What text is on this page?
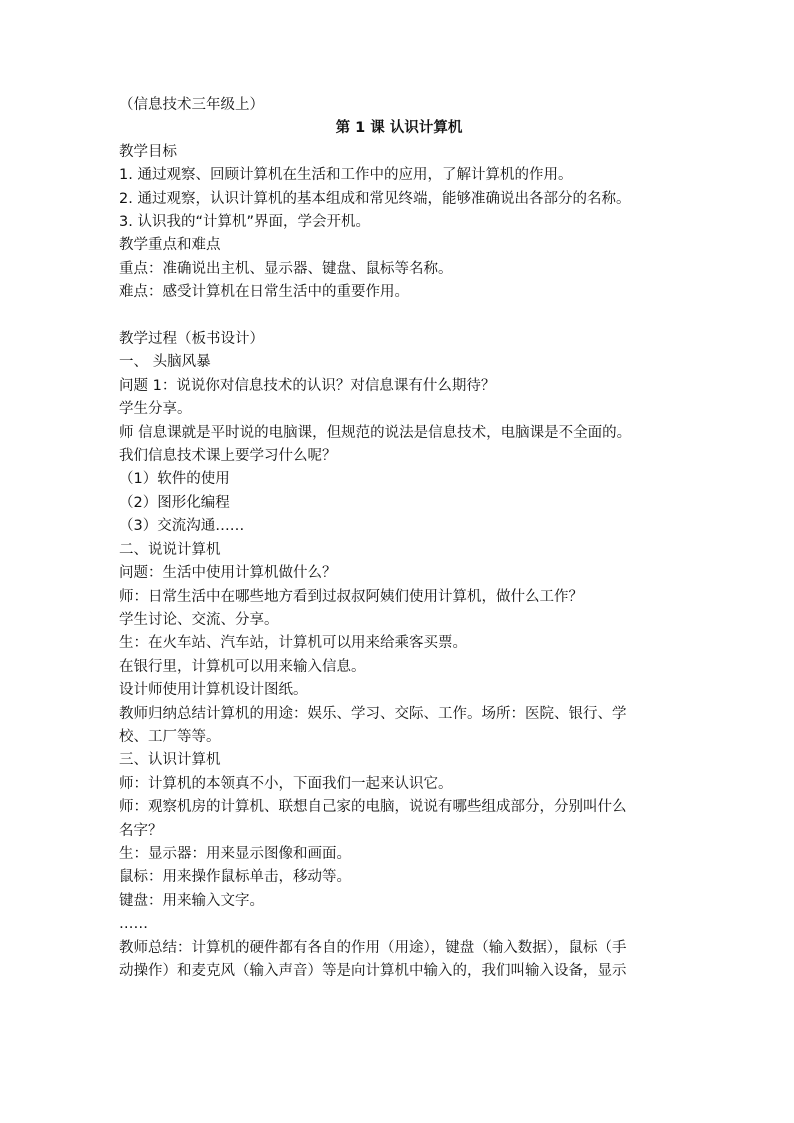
（信息技术三年级上）
第 1 课 认识计算机
教学目标
1. 通过观察、回顾计算机在生活和工作中的应用，了解计算机的作用。
2. 通过观察，认识计算机的基本组成和常见终端，能够准确说出各部分的名称。
3. 认识我的“计算机”界面，学会开机。
教学重点和难点
重点：准确说出主机、显示器、键盘、鼠标等名称。
难点：感受计算机在日常生活中的重要作用。
教学过程（板书设计）
一、 头脑风暴
问题 1：说说你对信息技术的认识？对信息课有什么期待？
学生分享。
师 信息课就是平时说的电脑课，但规范的说法是信息技术，电脑课是不全面的。
我们信息技术课上要学习什么呢？
（1）软件的使用
（2）图形化编程
（3）交流沟通……
二、说说计算机
问题：生活中使用计算机做什么？
师：日常生活中在哪些地方看到过叔叔阿姨们使用计算机，做什么工作？
学生讨论、交流、分享。
生：在火车站、汽车站，计算机可以用来给乘客买票。
在银行里，计算机可以用来输入信息。
设计师使用计算机设计图纸。
教师归纳总结计算机的用途：娱乐、学习、交际、工作。场所：医院、银行、学
校、工厂等等。
三、认识计算机
师：计算机的本领真不小，下面我们一起来认识它。
师：观察机房的计算机、联想自己家的电脑，说说有哪些组成部分，分别叫什么
名字？
生：显示器：用来显示图像和画面。
鼠标：用来操作鼠标单击，移动等。
键盘：用来输入文字。
……
教师总结：计算机的硬件都有各自的作用（用途），键盘（输入数据），鼠标（手
动操作）和麦克风（输入声音）等是向计算机中输入的，我们叫输入设备，显示
